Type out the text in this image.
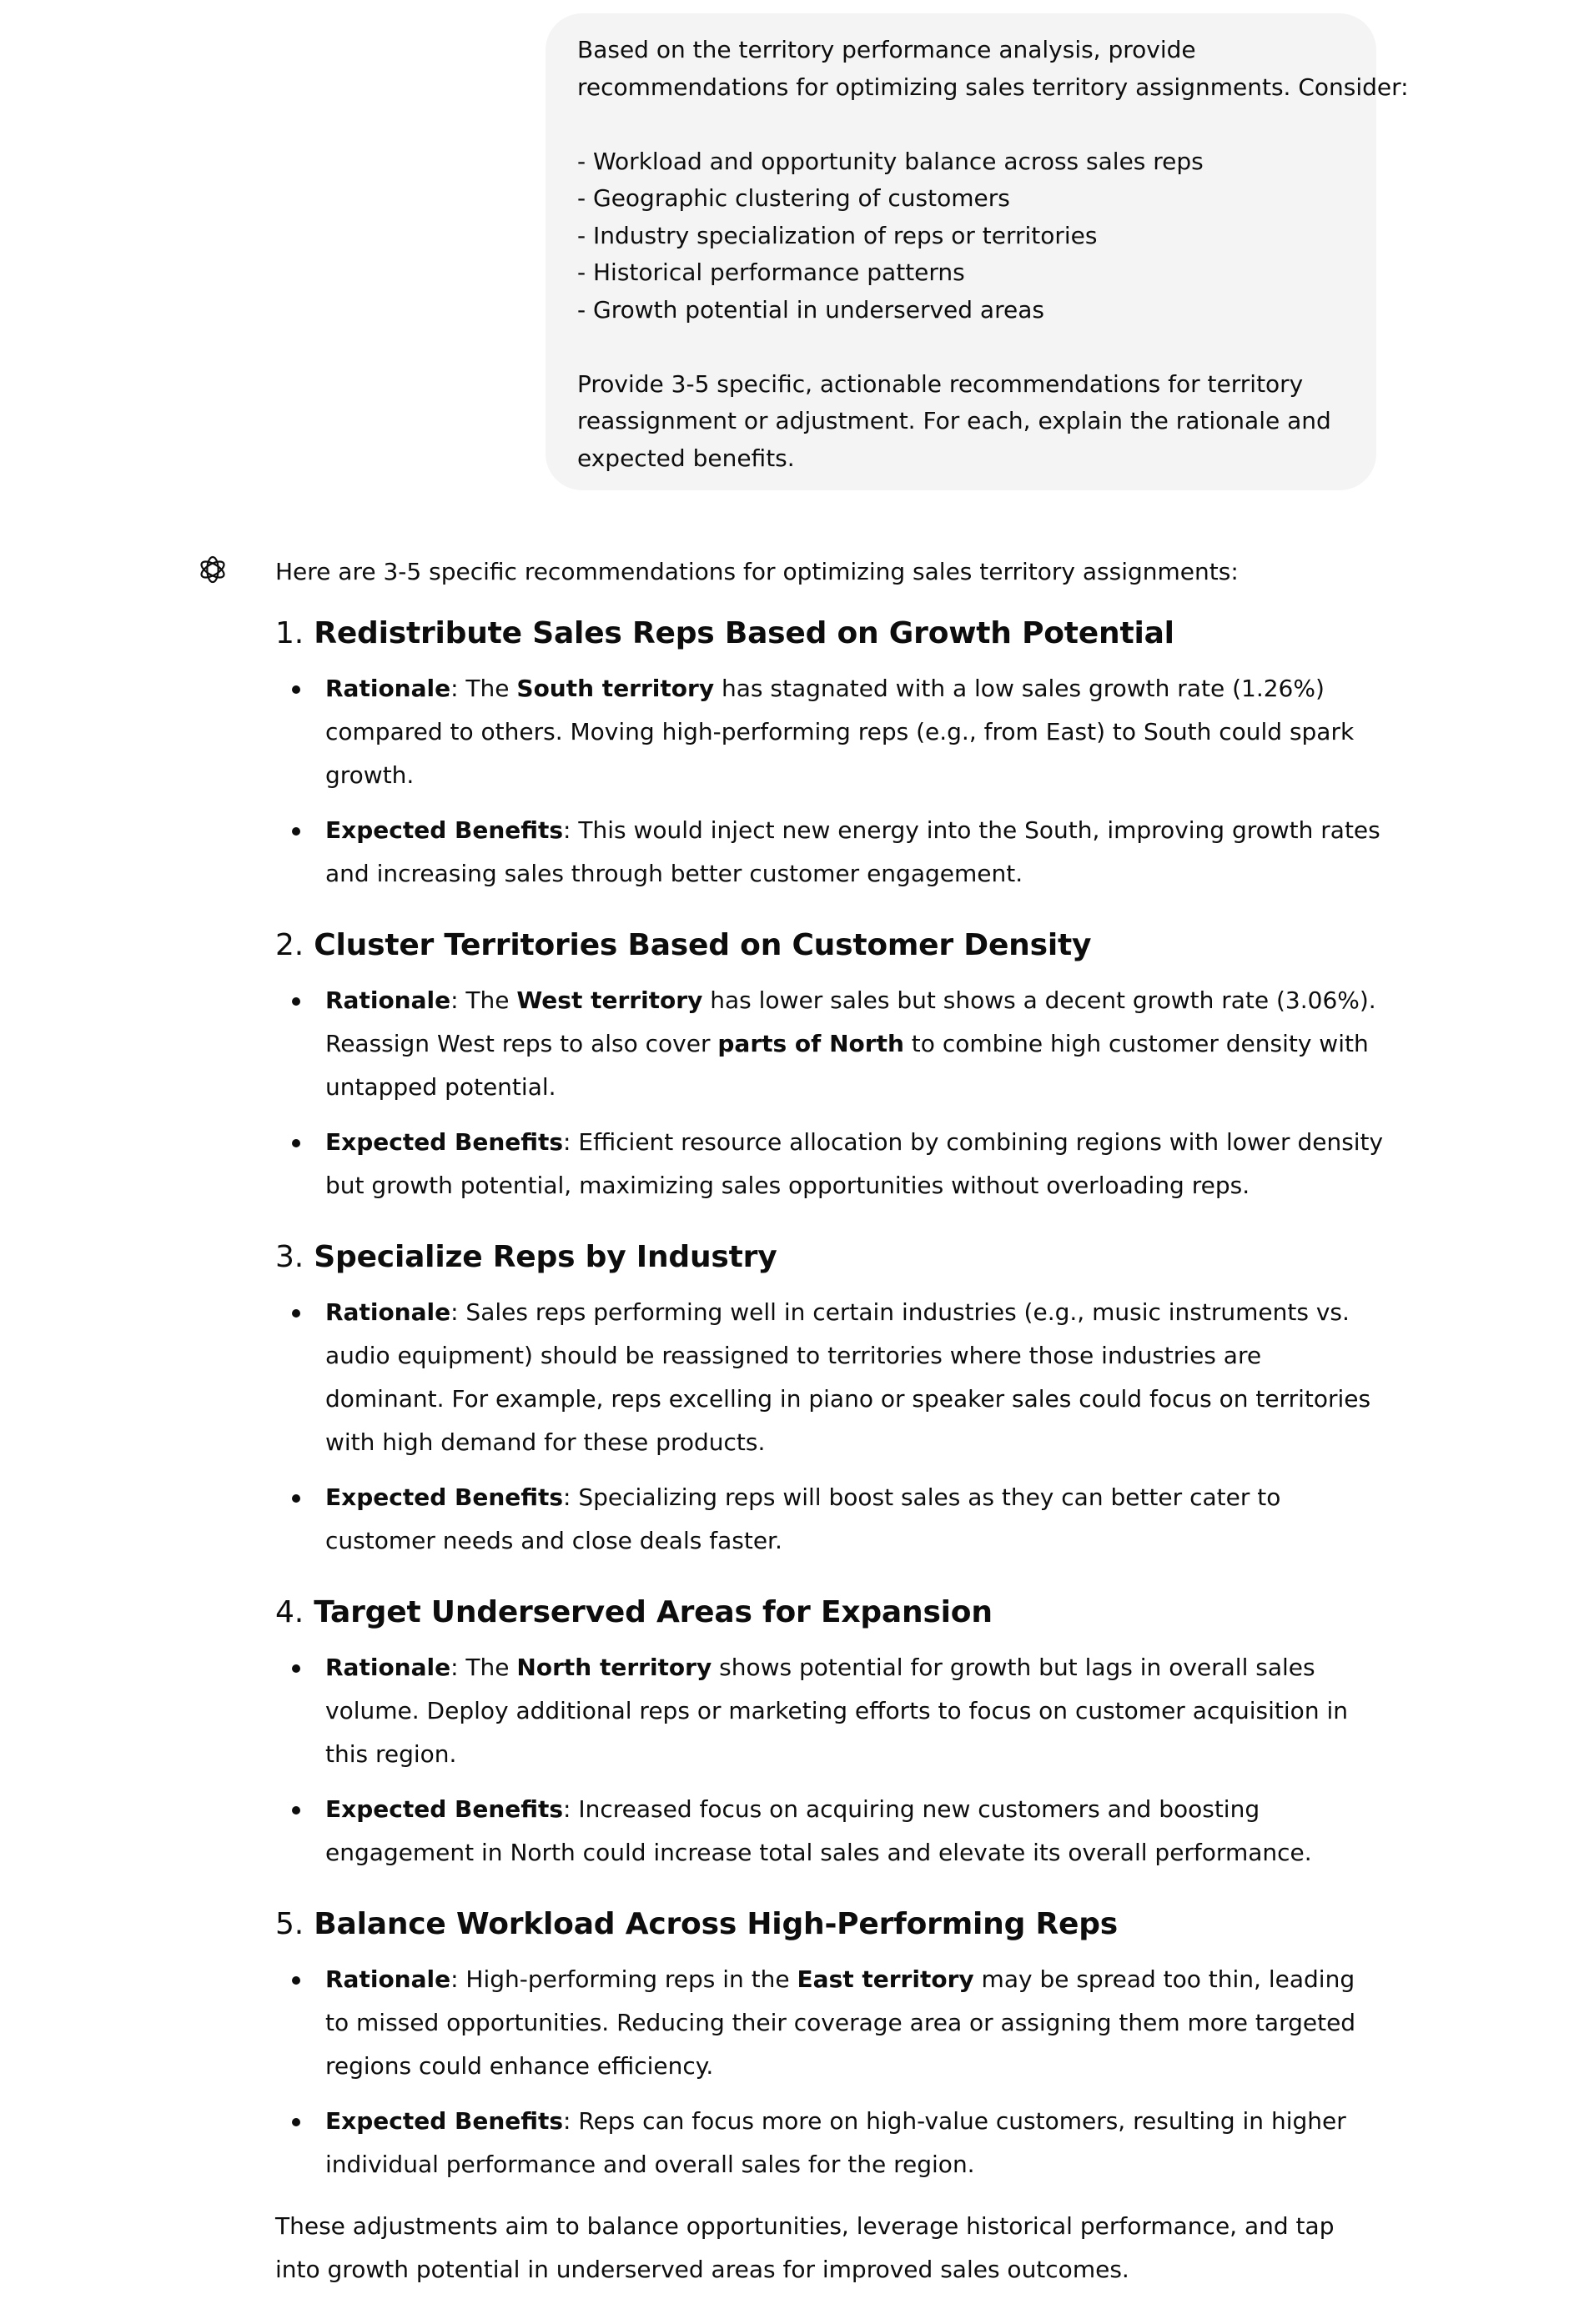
Based on the territory performance analysis, provide
recommendations for optimizing sales territory assignments. Consider:
- Workload and opportunity balance across sales reps
- Geographic clustering of customers
- Industry specialization of reps or territories
- Historical performance patterns
- Growth potential in underserved areas
Provide 3-5 specific, actionable recommendations for territory
reassignment or adjustment. For each, explain the rationale and
expected benefits.

Here are 3-5 specific recommendations for optimizing sales territory assignments:

1. Redistribute Sales Reps Based on Growth Potential
Rationale: The South territory has stagnated with a low sales growth rate (1.26%) compared to others. Moving high-performing reps (e.g., from East) to South could spark growth.
Expected Benefits: This would inject new energy into the South, improving growth rates and increasing sales through better customer engagement.
2. Cluster Territories Based on Customer Density
Rationale: The West territory has lower sales but shows a decent growth rate (3.06%). Reassign West reps to also cover parts of North to combine high customer density with untapped potential.
Expected Benefits: Efficient resource allocation by combining regions with lower density but growth potential, maximizing sales opportunities without overloading reps.
3. Specialize Reps by Industry
Rationale: Sales reps performing well in certain industries (e.g., music instruments vs. audio equipment) should be reassigned to territories where those industries are dominant. For example, reps excelling in piano or speaker sales could focus on territories with high demand for these products.
Expected Benefits: Specializing reps will boost sales as they can better cater to customer needs and close deals faster.
4. Target Underserved Areas for Expansion
Rationale: The North territory shows potential for growth but lags in overall sales volume. Deploy additional reps or marketing efforts to focus on customer acquisition in this region.
Expected Benefits: Increased focus on acquiring new customers and boosting engagement in North could increase total sales and elevate its overall performance.
5. Balance Workload Across High-Performing Reps
Rationale: High-performing reps in the East territory may be spread too thin, leading to missed opportunities. Reducing their coverage area or assigning them more targeted regions could enhance efficiency.
Expected Benefits: Reps can focus more on high-value customers, resulting in higher individual performance and overall sales for the region.

These adjustments aim to balance opportunities, leverage historical performance, and tap into growth potential in underserved areas for improved sales outcomes.
